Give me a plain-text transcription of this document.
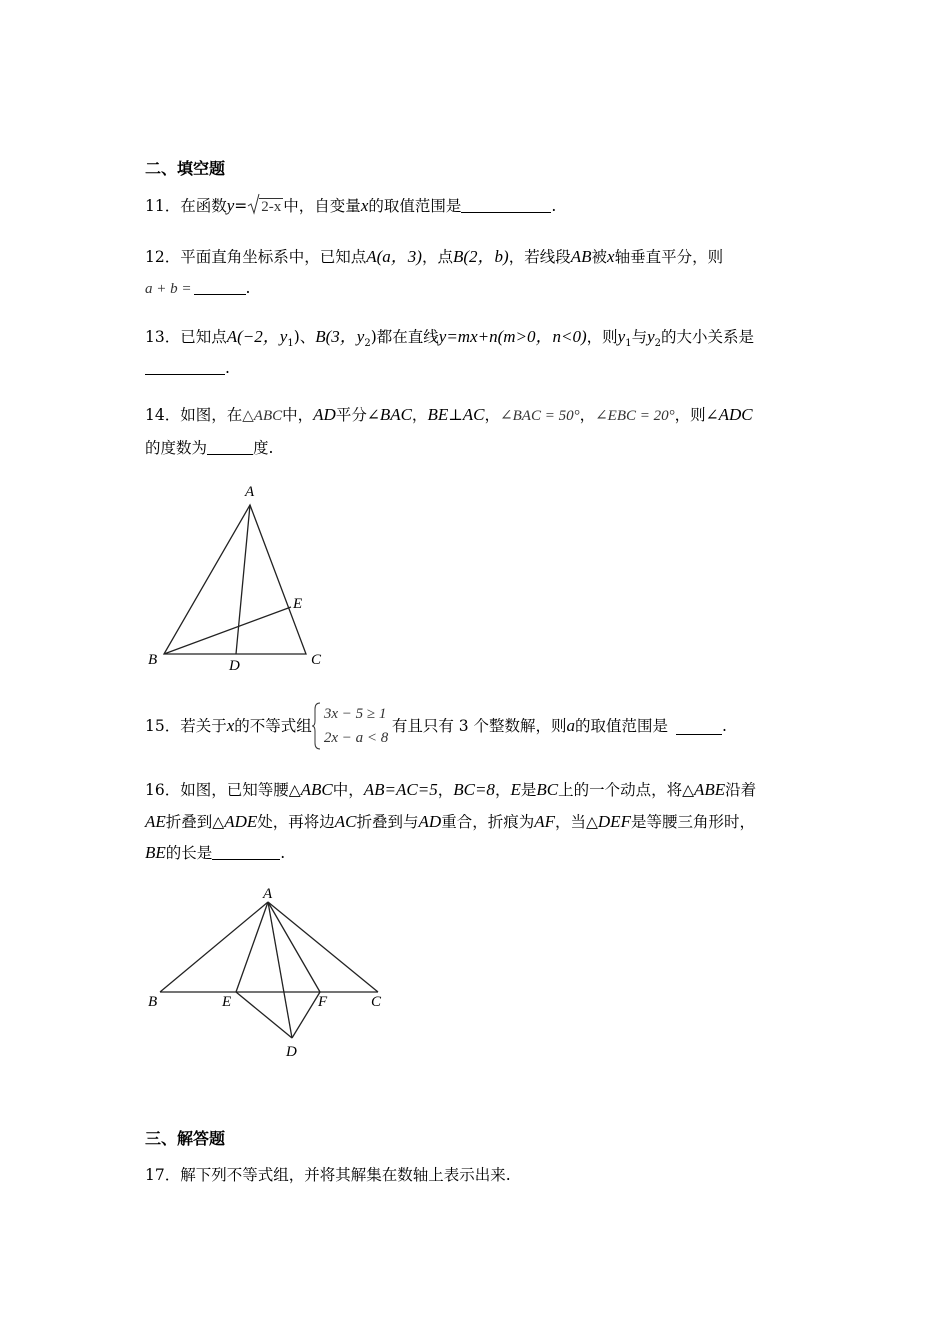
二、填空题
11．在函数y= 2-x 中，自变量x的取值范围是	.
12．平面直角坐标系中，已知点A(a，3)，点B(2，b)，若线段AB被x轴垂直平分，则
a + b =	.
13．已知点A(−2，$y_1$)、B(3，$y_2$)都在直线y=mx+n(m>0，n<0)，则$y_1$与$y_2$的大小关系是
.
14．如图，在△ABC中，AD平分∠BAC，BE⊥AC，∠BAC = 50°，∠EBC = 20°，则∠ADC
的度数为	度.
A
B	C
D
E
15． 若关于 x 的不等式组
3x − 5 ≥ 1
2x − a < 8
有且只有 3 个整数解，则 a 的取值范围是	.
16．如图，已知等腰△ABC中，AB=AC=5，BC=8，E是BC上的一个动点，将△ABE沿着
AE折叠到△ADE处，再将边AC折叠到与AD重合，折痕为AF，当△DEF是等腰三角形时，
BE的长是	.
A
B	C
E	F
D
三、解答题
17．解下列不等式组，并将其解集在数轴上表示出来.
